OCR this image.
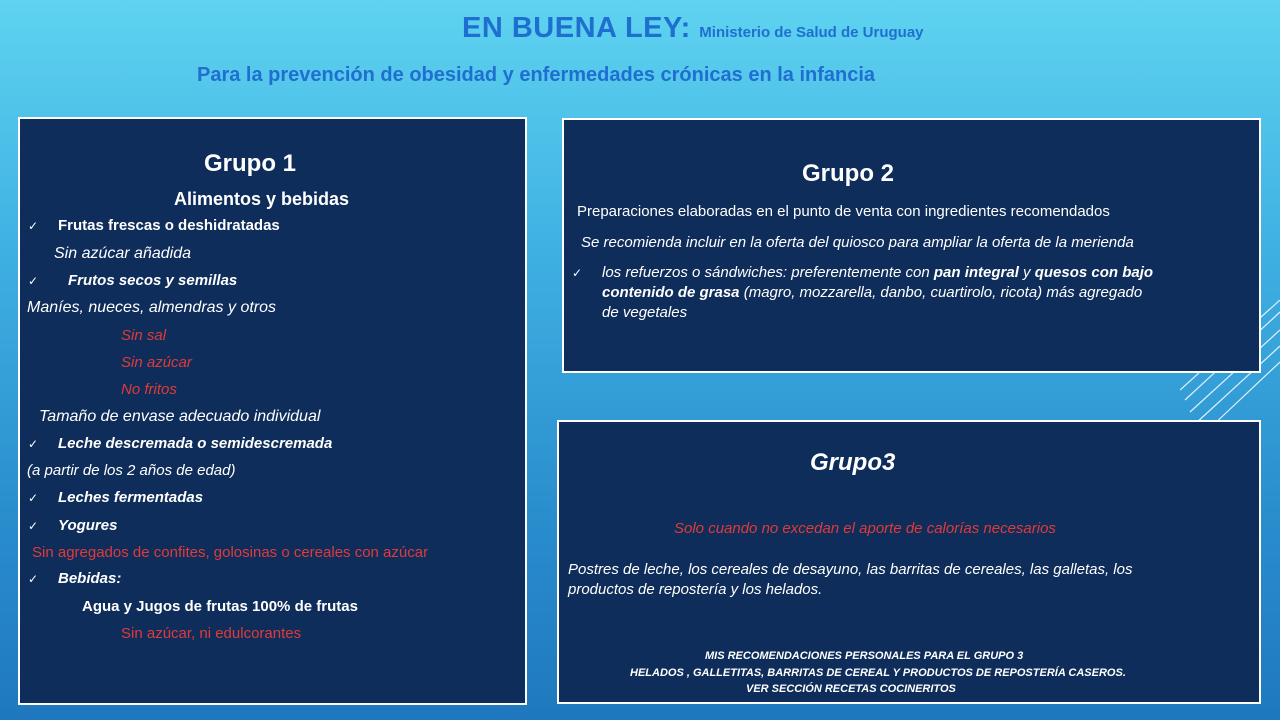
EN BUENA LEY: Ministerio de Salud de Uruguay
Para la prevención de obesidad y enfermedades crónicas en la infancia
Grupo 1
Alimentos y bebidas
✓ Frutas frescas o deshidratadas
Sin azúcar añadida
✓ Frutos secos y semillas
Maníes, nueces, almendras y otros
Sin sal
Sin azúcar
No fritos
Tamaño de envase adecuado individual
✓ Leche descremada o semidescremada
(a partir de los 2 años de edad)
✓ Leches fermentadas
✓ Yogures
Sin agregados de confites, golosinas o cereales con azúcar
✓ Bebidas:
Agua y Jugos de frutas 100% de frutas
Sin azúcar, ni edulcorantes
Grupo 2
Preparaciones elaboradas en el punto de venta con ingredientes recomendados
Se recomienda incluir en la oferta del quiosco para ampliar la oferta de la merienda
✓ los refuerzos o sándwiches: preferentemente con pan integral y quesos con bajo
contenido de grasa (magro, mozzarella, danbo, cuartirolo, ricota) más agregado
de vegetales
Grupo3
Solo cuando no excedan el aporte de calorías necesarios
Postres de leche, los cereales de desayuno, las barritas de cereales, las galletas, los
productos de repostería y los helados.
MIS RECOMENDACIONES PERSONALES PARA EL GRUPO 3
HELADOS , GALLETITAS, BARRITAS DE CEREAL Y PRODUCTOS DE REPOSTERÍA CASEROS.
VER SECCIÓN RECETAS COCINERITOS
